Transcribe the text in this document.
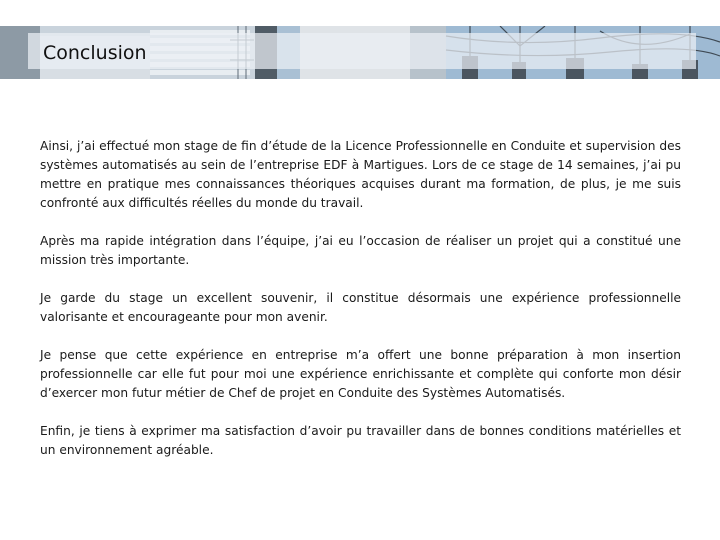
Conclusion

Ainsi, j’ai effectué mon stage de fin d’étude de la Licence Professionnelle en Conduite et supervision des systèmes automatisés au sein de l’entreprise EDF à Martigues. Lors de ce stage de 14 semaines, j’ai pu mettre en pratique mes connaissances théoriques acquises durant ma formation, de plus, je me suis confronté aux difficultés réelles du monde du travail.

Après ma rapide intégration dans l’équipe, j’ai eu l’occasion de réaliser un projet qui a constitué une mission très importante.

Je garde du stage un excellent souvenir, il constitue désormais une expérience professionnelle valorisante et encourageante pour mon avenir.

Je pense que cette expérience en entreprise m’a offert une bonne préparation à mon insertion professionnelle car elle fut pour moi une expérience enrichissante et complète qui conforte mon désir d’exercer mon futur métier de Chef de projet en Conduite des Systèmes Automatisés.

Enfin, je tiens à exprimer ma satisfaction d’avoir pu travailler dans de bonnes conditions matérielles et un environnement agréable.
